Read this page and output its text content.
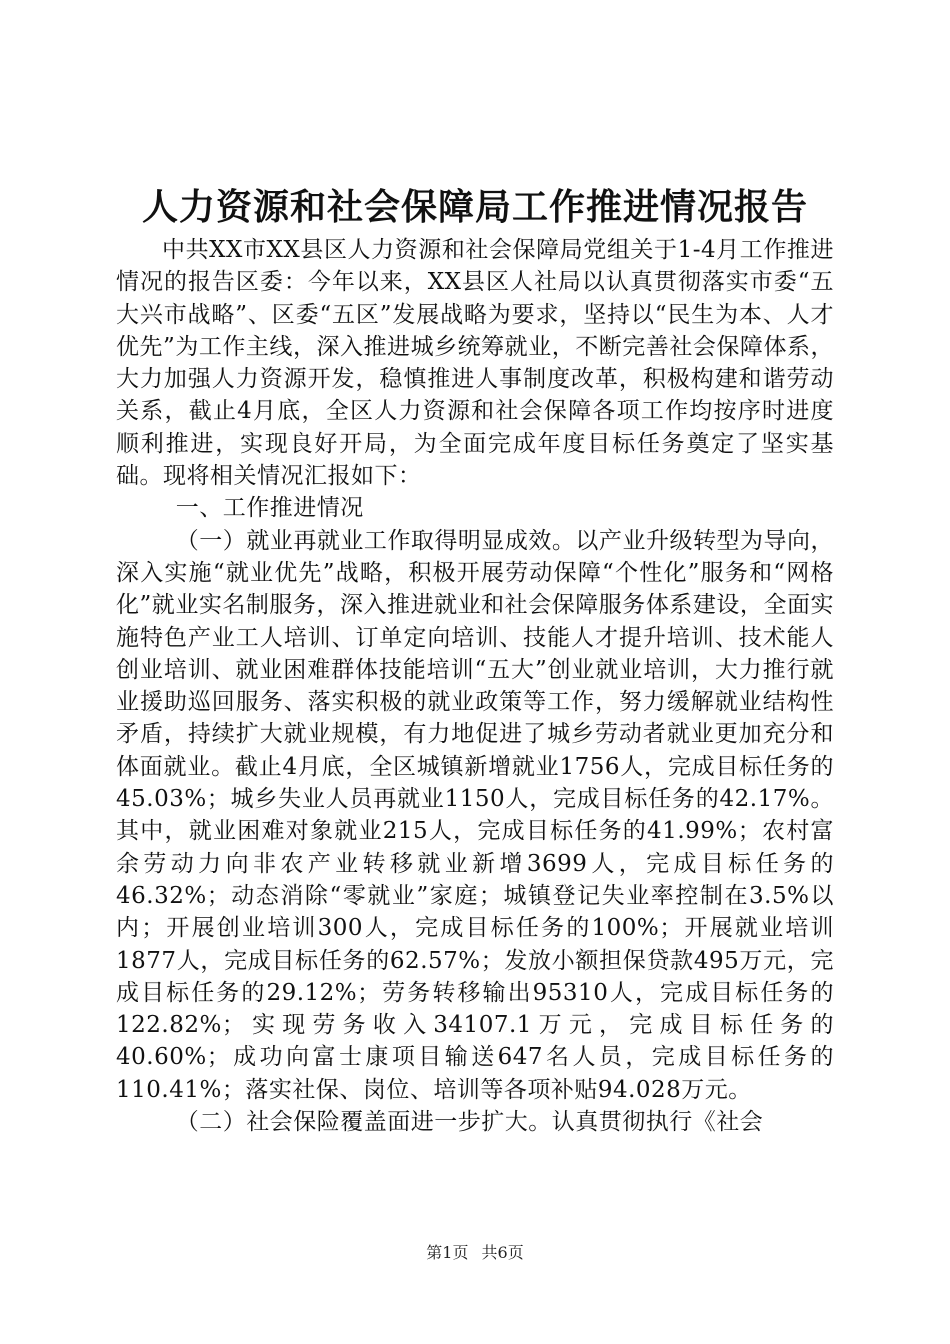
人力资源和社会保障局工作推进情况报告

中共XX市XX县区人力资源和社会保障局党组关于1-4月工作推进情况的报告区委：今年以来，XX县区人社局以认真贯彻落实市委“五大兴市战略”、区委“五区”发展战略为要求，坚持以“民生为本、人才优先”为工作主线，深入推进城乡统筹就业，不断完善社会保障体系，大力加强人力资源开发，稳慎推进人事制度改革，积极构建和谐劳动关系，截止4月底，全区人力资源和社会保障各项工作均按序时进度顺利推进，实现良好开局，为全面完成年度目标任务奠定了坚实基础。现将相关情况汇报如下：

一、工作推进情况

（一）就业再就业工作取得明显成效。以产业升级转型为导向，深入实施“就业优先”战略，积极开展劳动保障“个性化”服务和“网格化”就业实名制服务，深入推进就业和社会保障服务体系建设，全面实施特色产业工人培训、订单定向培训、技能人才提升培训、技术能人创业培训、就业困难群体技能培训“五大”创业就业培训，大力推行就业援助巡回服务、落实积极的就业政策等工作，努力缓解就业结构性矛盾，持续扩大就业规模，有力地促进了城乡劳动者就业更加充分和体面就业。截止4月底，全区城镇新增就业1756人，完成目标任务的45.03%；城乡失业人员再就业1150人，完成目标任务的42.17%。其中，就业困难对象就业215人，完成目标任务的41.99%；农村富余劳动力向非农产业转移就业新增3699人，完成目标任务的46.32%；动态消除“零就业”家庭；城镇登记失业率控制在3.5%以内；开展创业培训300人，完成目标任务的100%；开展就业培训1877人，完成目标任务的62.57%；发放小额担保贷款495万元，完成目标任务的29.12%；劳务转移输出95310人，完成目标任务的122.82%；实现劳务收入34107.1万元，完成目标任务的40.60%；成功向富士康项目输送647名人员，完成目标任务的110.41%；落实社保、岗位、培训等各项补贴94.028万元。

（二）社会保险覆盖面进一步扩大。认真贯彻执行《社会

第1页 共6页
